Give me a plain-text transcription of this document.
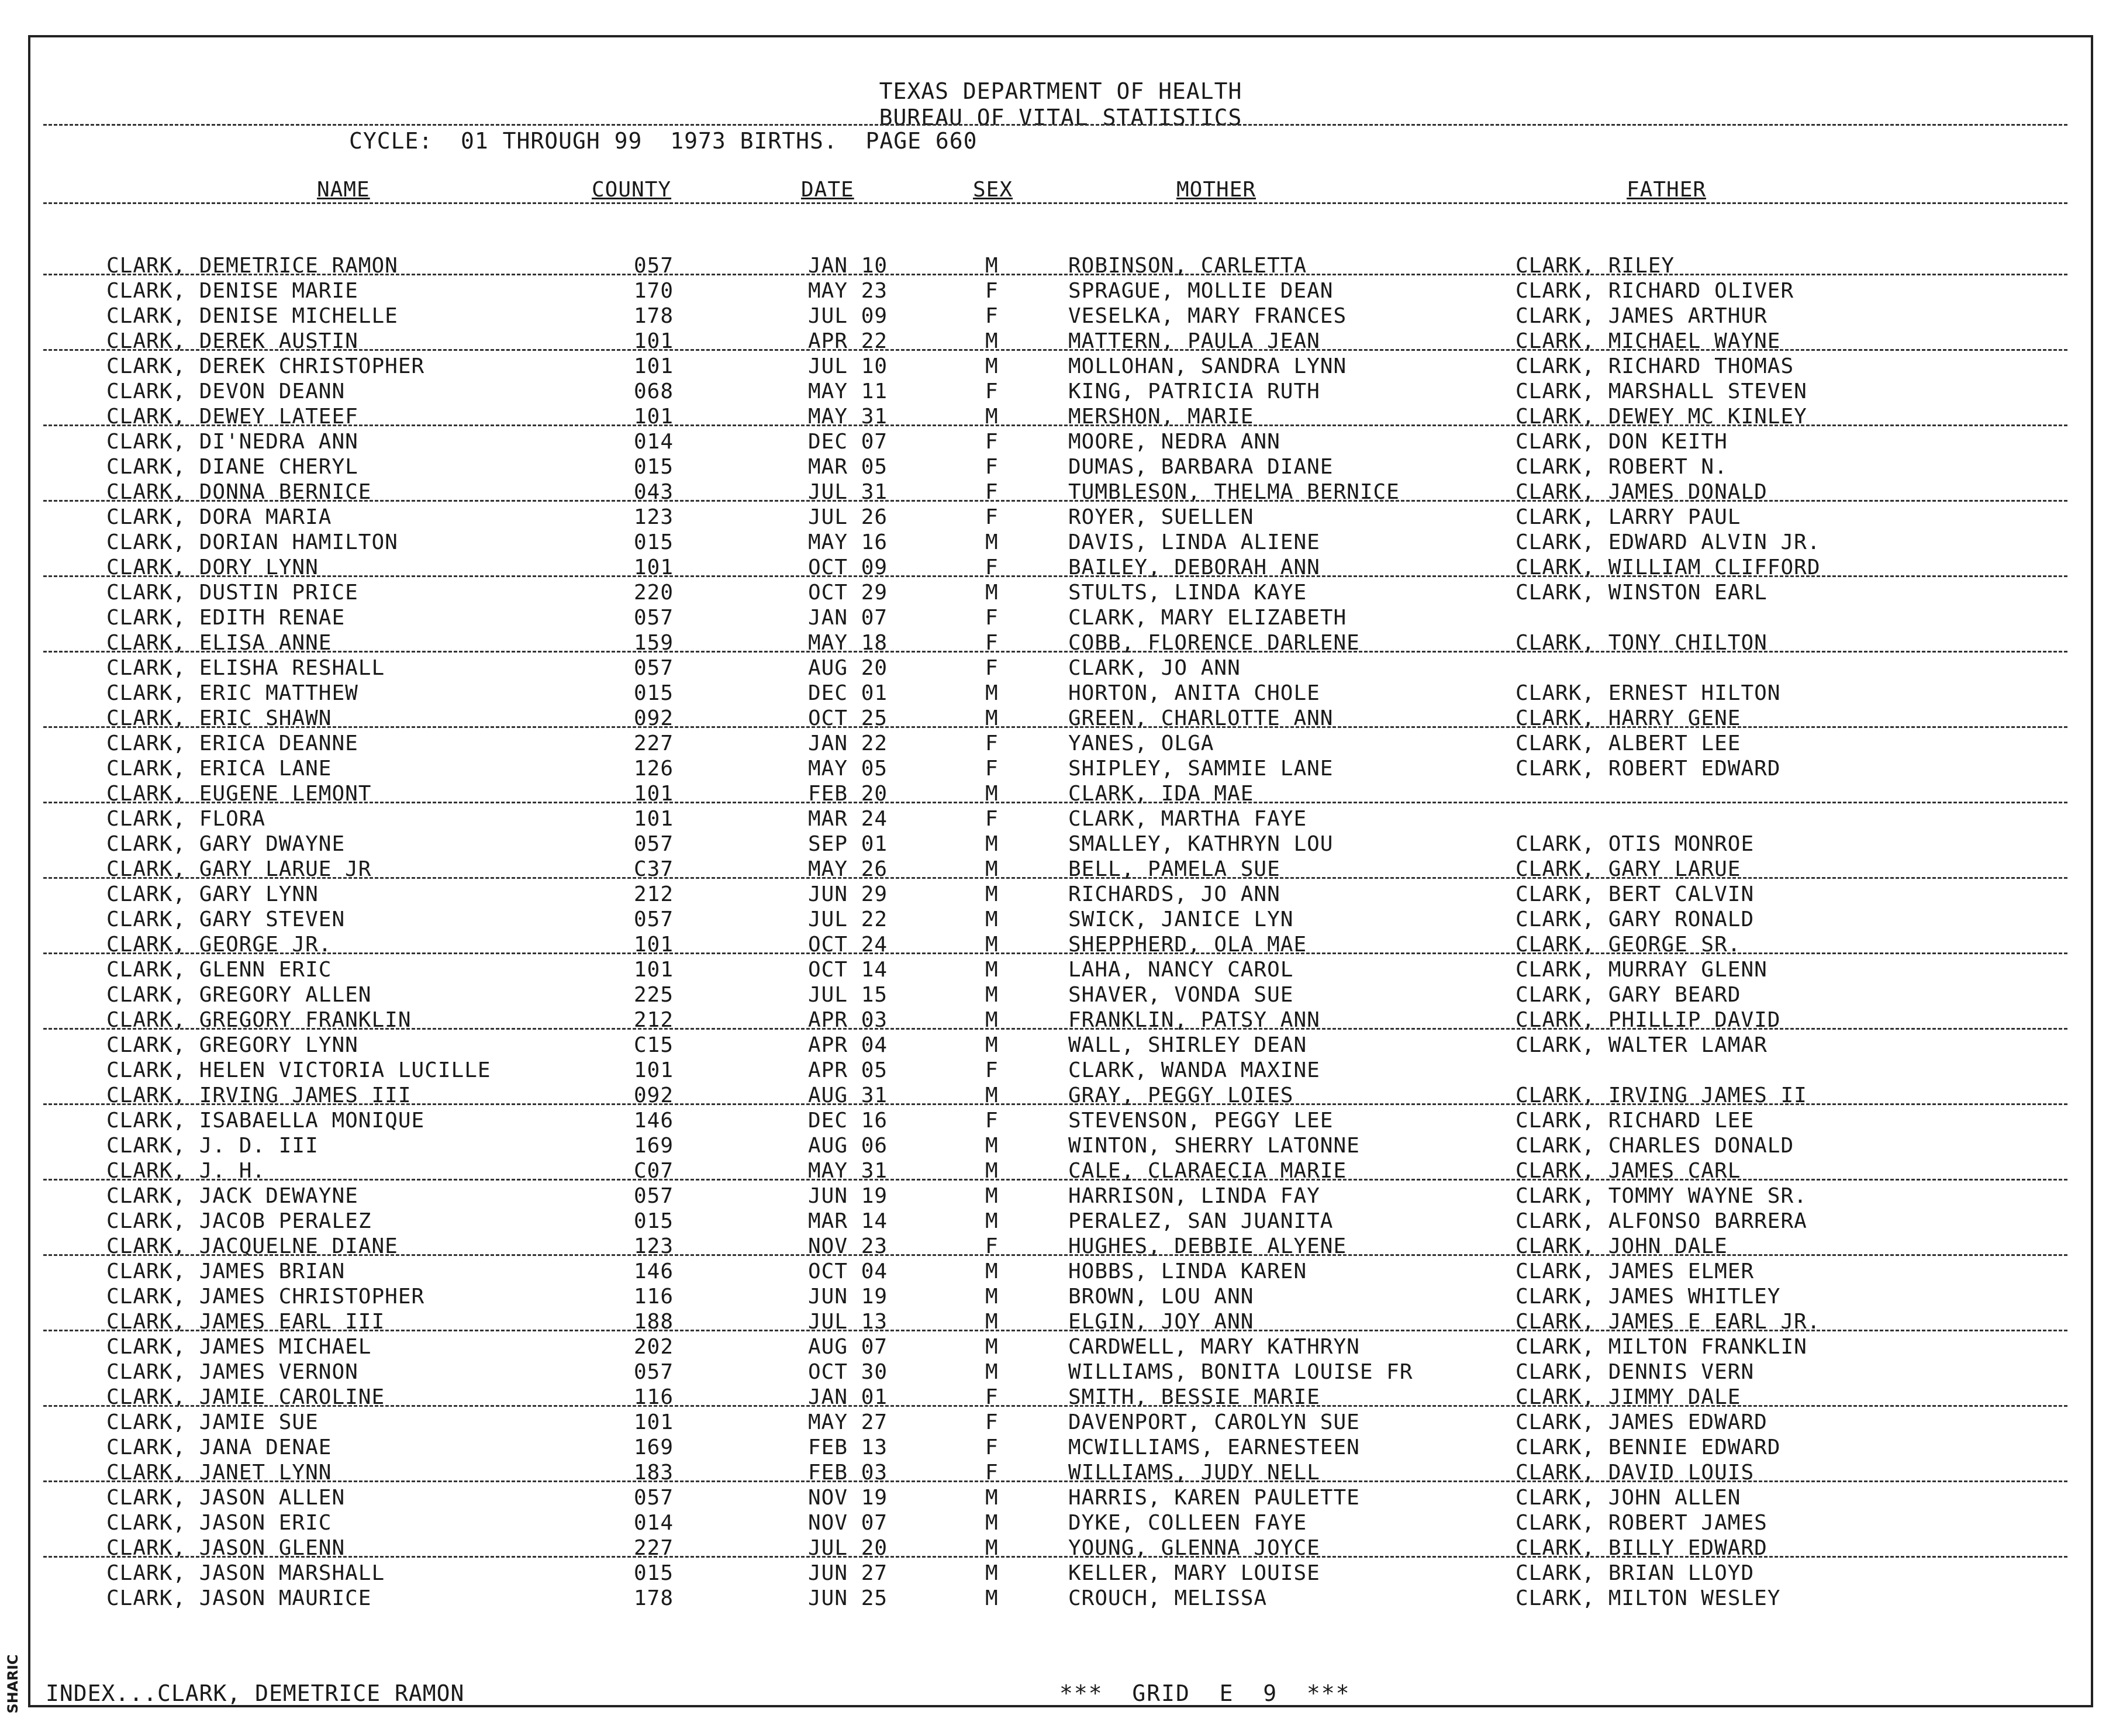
SHARIC
TEXAS DEPARTMENT OF HEALTH
BUREAU OF VITAL STATISTICS
CYCLE:  01 THROUGH 99  1973 BIRTHS.  PAGE 660
NAME	COUNTY	DATE	SEX	MOTHER	FATHER
CLARK, DEMETRICE RAMON	057	JAN 10	M	ROBINSON, CARLETTA	CLARK, RILEY
CLARK, DENISE MARIE	170	MAY 23	F	SPRAGUE, MOLLIE DEAN	CLARK, RICHARD OLIVER
CLARK, DENISE MICHELLE	178	JUL 09	F	VESELKA, MARY FRANCES	CLARK, JAMES ARTHUR
CLARK, DEREK AUSTIN	101	APR 22	M	MATTERN, PAULA JEAN	CLARK, MICHAEL WAYNE
CLARK, DEREK CHRISTOPHER	101	JUL 10	M	MOLLOHAN, SANDRA LYNN	CLARK, RICHARD THOMAS
CLARK, DEVON DEANN	068	MAY 11	F	KING, PATRICIA RUTH	CLARK, MARSHALL STEVEN
CLARK, DEWEY LATEEF	101	MAY 31	M	MERSHON, MARIE	CLARK, DEWEY MC KINLEY
CLARK, DI'NEDRA ANN	014	DEC 07	F	MOORE, NEDRA ANN	CLARK, DON KEITH
CLARK, DIANE CHERYL	015	MAR 05	F	DUMAS, BARBARA DIANE	CLARK, ROBERT N.
CLARK, DONNA BERNICE	043	JUL 31	F	TUMBLESON, THELMA BERNICE	CLARK, JAMES DONALD
CLARK, DORA MARIA	123	JUL 26	F	ROYER, SUELLEN	CLARK, LARRY PAUL
CLARK, DORIAN HAMILTON	015	MAY 16	M	DAVIS, LINDA ALIENE	CLARK, EDWARD ALVIN JR.
CLARK, DORY LYNN	101	OCT 09	F	BAILEY, DEBORAH ANN	CLARK, WILLIAM CLIFFORD
CLARK, DUSTIN PRICE	220	OCT 29	M	STULTS, LINDA KAYE	CLARK, WINSTON EARL
CLARK, EDITH RENAE	057	JAN 07	F	CLARK, MARY ELIZABETH
CLARK, ELISA ANNE	159	MAY 18	F	COBB, FLORENCE DARLENE	CLARK, TONY CHILTON
CLARK, ELISHA RESHALL	057	AUG 20	F	CLARK, JO ANN
CLARK, ERIC MATTHEW	015	DEC 01	M	HORTON, ANITA CHOLE	CLARK, ERNEST HILTON
CLARK, ERIC SHAWN	092	OCT 25	M	GREEN, CHARLOTTE ANN	CLARK, HARRY GENE
CLARK, ERICA DEANNE	227	JAN 22	F	YANES, OLGA	CLARK, ALBERT LEE
CLARK, ERICA LANE	126	MAY 05	F	SHIPLEY, SAMMIE LANE	CLARK, ROBERT EDWARD
CLARK, EUGENE LEMONT	101	FEB 20	M	CLARK, IDA MAE
CLARK, FLORA	101	MAR 24	F	CLARK, MARTHA FAYE
CLARK, GARY DWAYNE	057	SEP 01	M	SMALLEY, KATHRYN LOU	CLARK, OTIS MONROE
CLARK, GARY LARUE JR	C37	MAY 26	M	BELL, PAMELA SUE	CLARK, GARY LARUE
CLARK, GARY LYNN	212	JUN 29	M	RICHARDS, JO ANN	CLARK, BERT CALVIN
CLARK, GARY STEVEN	057	JUL 22	M	SWICK, JANICE LYN	CLARK, GARY RONALD
CLARK, GEORGE JR.	101	OCT 24	M	SHEPPHERD, OLA MAE	CLARK, GEORGE SR.
CLARK, GLENN ERIC	101	OCT 14	M	LAHA, NANCY CAROL	CLARK, MURRAY GLENN
CLARK, GREGORY ALLEN	225	JUL 15	M	SHAVER, VONDA SUE	CLARK, GARY BEARD
CLARK, GREGORY FRANKLIN	212	APR 03	M	FRANKLIN, PATSY ANN	CLARK, PHILLIP DAVID
CLARK, GREGORY LYNN	C15	APR 04	M	WALL, SHIRLEY DEAN	CLARK, WALTER LAMAR
CLARK, HELEN VICTORIA LUCILLE	101	APR 05	F	CLARK, WANDA MAXINE
CLARK, IRVING JAMES III	092	AUG 31	M	GRAY, PEGGY LOIES	CLARK, IRVING JAMES II
CLARK, ISABAELLA MONIQUE	146	DEC 16	F	STEVENSON, PEGGY LEE	CLARK, RICHARD LEE
CLARK, J. D. III	169	AUG 06	M	WINTON, SHERRY LATONNE	CLARK, CHARLES DONALD
CLARK, J. H.	C07	MAY 31	M	CALE, CLARAECIA MARIE	CLARK, JAMES CARL
CLARK, JACK DEWAYNE	057	JUN 19	M	HARRISON, LINDA FAY	CLARK, TOMMY WAYNE SR.
CLARK, JACOB PERALEZ	015	MAR 14	M	PERALEZ, SAN JUANITA	CLARK, ALFONSO BARRERA
CLARK, JACQUELNE DIANE	123	NOV 23	F	HUGHES, DEBBIE ALYENE	CLARK, JOHN DALE
CLARK, JAMES BRIAN	146	OCT 04	M	HOBBS, LINDA KAREN	CLARK, JAMES ELMER
CLARK, JAMES CHRISTOPHER	116	JUN 19	M	BROWN, LOU ANN	CLARK, JAMES WHITLEY
CLARK, JAMES EARL III	188	JUL 13	M	ELGIN, JOY ANN	CLARK, JAMES E EARL JR.
CLARK, JAMES MICHAEL	202	AUG 07	M	CARDWELL, MARY KATHRYN	CLARK, MILTON FRANKLIN
CLARK, JAMES VERNON	057	OCT 30	M	WILLIAMS, BONITA LOUISE FR	CLARK, DENNIS VERN
CLARK, JAMIE CAROLINE	116	JAN 01	F	SMITH, BESSIE MARIE	CLARK, JIMMY DALE
CLARK, JAMIE SUE	101	MAY 27	F	DAVENPORT, CAROLYN SUE	CLARK, JAMES EDWARD
CLARK, JANA DENAE	169	FEB 13	F	MCWILLIAMS, EARNESTEEN	CLARK, BENNIE EDWARD
CLARK, JANET LYNN	183	FEB 03	F	WILLIAMS, JUDY NELL	CLARK, DAVID LOUIS
CLARK, JASON ALLEN	057	NOV 19	M	HARRIS, KAREN PAULETTE	CLARK, JOHN ALLEN
CLARK, JASON ERIC	014	NOV 07	M	DYKE, COLLEEN FAYE	CLARK, ROBERT JAMES
CLARK, JASON GLENN	227	JUL 20	M	YOUNG, GLENNA JOYCE	CLARK, BILLY EDWARD
CLARK, JASON MARSHALL	015	JUN 27	M	KELLER, MARY LOUISE	CLARK, BRIAN LLOYD
CLARK, JASON MAURICE	178	JUN 25	M	CROUCH, MELISSA	CLARK, MILTON WESLEY
INDEX...CLARK, DEMETRICE RAMON	***  GRID  E  9  ***
